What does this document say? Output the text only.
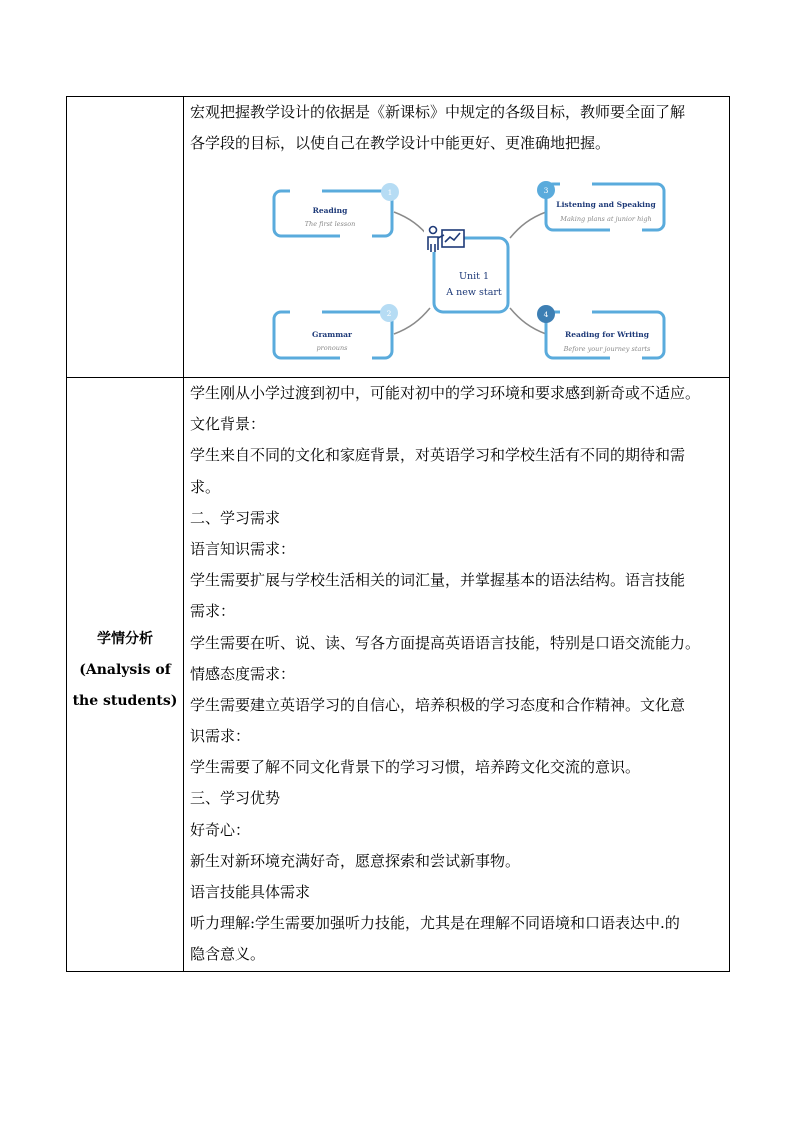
宏观把握教学设计的依据是《新课标》中规定的各级目标，教师要全面了解
各学段的目标，以使自己在教学设计中能更好、更准确地把握。
Unit 1
A new start
Reading
The first lesson
1
Grammar
pronouns
2
Listening and Speaking
Making plans at junior high
3
Reading for Writing
Before your journey starts
4
学情分析
(Analysis of
the students)
学生刚从小学过渡到初中，可能对初中的学习环境和要求感到新奇或不适应。
文化背景：
学生来自不同的文化和家庭背景，对英语学习和学校生活有不同的期待和需
求。
二、学习需求
语言知识需求：
学生需要扩展与学校生活相关的词汇量，并掌握基本的语法结构。语言技能
需求：
学生需要在听、说、读、写各方面提高英语语言技能，特别是口语交流能力。
情感态度需求：
学生需要建立英语学习的自信心，培养积极的学习态度和合作精神。文化意
识需求：
学生需要了解不同文化背景下的学习习惯，培养跨文化交流的意识。
三、学习优势
好奇心：
新生对新环境充满好奇，愿意探索和尝试新事物。
语言技能具体需求
听力理解:学生需要加强听力技能，尤其是在理解不同语境和口语表达中.的
隐含意义。
